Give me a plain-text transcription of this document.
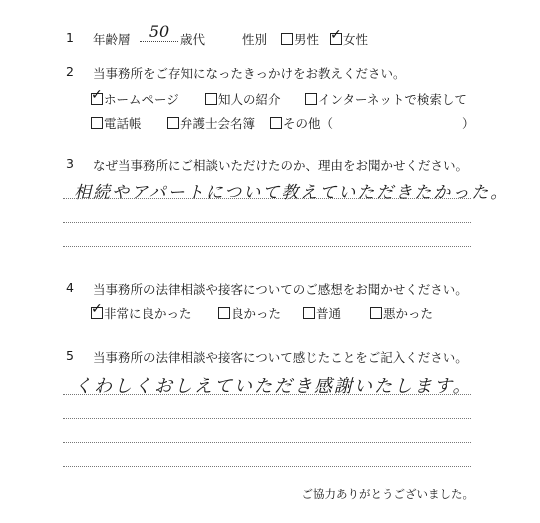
1 年齢層	50 歳代	性別	男性
✓	女性
2 当事務所をご存知になったきっかけをお教えください。
✓ホームページ	知人の紹介	インターネットで検索して
電話帳	弁護士会名簿	その他（	）
3 なぜ当事務所にご相談いただけたのか、理由をお聞かせください。
相続やアパートについて教えていただきたかった。
4 当事務所の法律相談や接客についてのご感想をお聞かせください。
✓非常に良かった	良かった	普通	悪かった
5 当事務所の法律相談や接客について感じたことをご記入ください。
くわしくおしえていただき感謝いたします。
ご協力ありがとうございました。
